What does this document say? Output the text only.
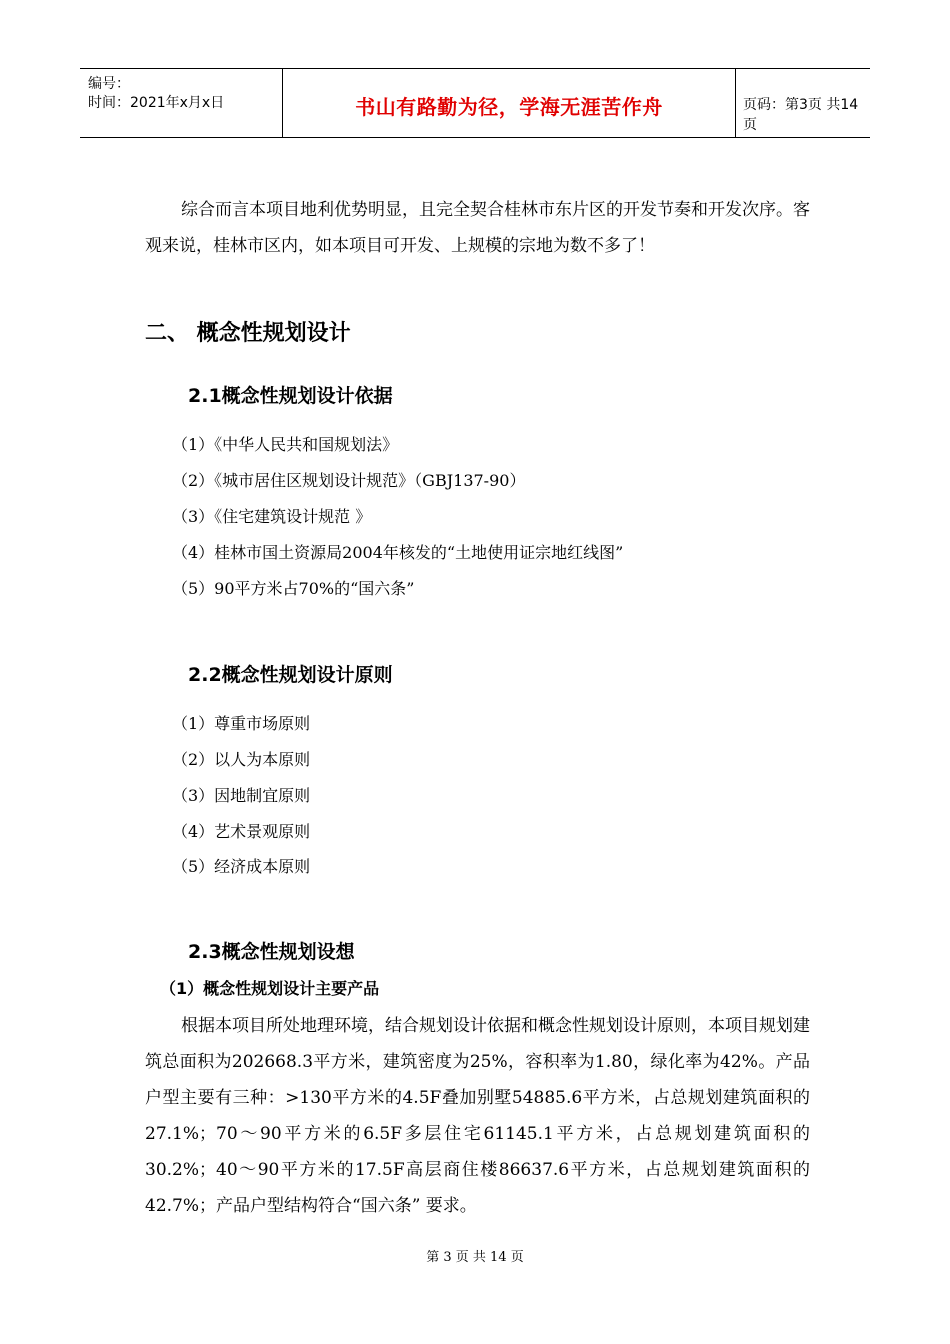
编号：
时间：2021年x月x日	书山有路勤为径，学海无涯苦作舟	页码：第3页 共14页

综合而言本项目地利优势明显，且完全契合桂林市东片区的开发节奏和开发次序。客观来说，桂林市区内，如本项目可开发、上规模的宗地为数不多了！

二、 概念性规划设计
2.1概念性规划设计依据
（1）《中华人民共和国规划法》
（2）《城市居住区规划设计规范》（GBJ137-90）
（3）《住宅建筑设计规范 》
（4）桂林市国土资源局2004年核发的“土地使用证宗地红线图”
（5）90平方米占70%的“国六条”
2.2概念性规划设计原则
（1）尊重市场原则
（2）以人为本原则
（3）因地制宜原则
（4）艺术景观原则
（5）经济成本原则
2.3概念性规划设想
（1）概念性规划设计主要产品

根据本项目所处地理环境，结合规划设计依据和概念性规划设计原则，本项目规划建筑总面积为202668.3平方米，建筑密度为25%，容积率为1.80，绿化率为42%。产品户型主要有三种：>130平方米的4.5F叠加别墅54885.6平方米，占总规划建筑面积的27.1%；70～90平方米的6.5F多层住宅61145.1平方米，占总规划建筑面积的30.2%；40～90平方米的17.5F高层商住楼86637.6平方米，占总规划建筑面积的42.7%；产品户型结构符合“国六条” 要求。

第 3 页 共 14 页
